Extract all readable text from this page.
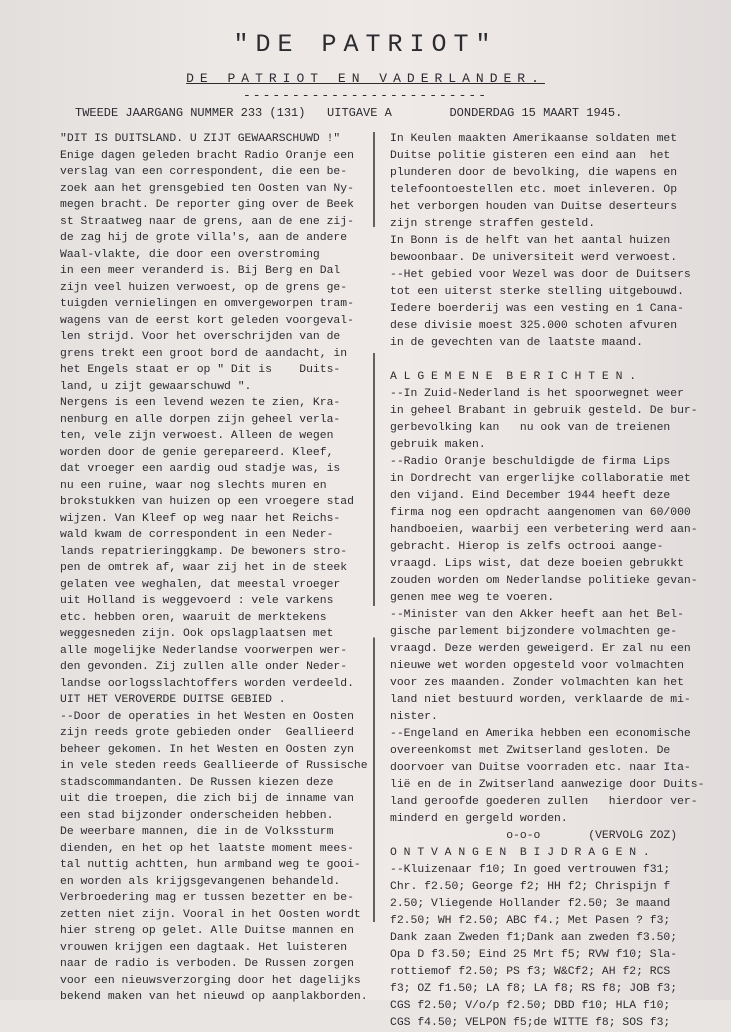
"DE PATRIOT"
DE PATRIOT EN VADERLANDER.
-------------------------
TWEEDE JAARGANG NUMMER 233 (131)   UITGAVE A        DONDERDAG 15 MAART 1945.
"DIT IS DUITSLAND. U ZIJT GEWAARSCHUWD !"
Enige dagen geleden bracht Radio Oranje een
verslag van een correspondent, die een be-
zoek aan het grensgebied ten Oosten van Ny-
megen bracht. De reporter ging over de Beek
st Straatweg naar de grens, aan de ene zij-
de zag hij de grote villa's, aan de andere
Waal-vlakte, die door een overstroming
in een meer veranderd is. Bij Berg en Dal
zijn veel huizen verwoest, op de grens ge-
tuigden vernielingen en omvergeworpen tram-
wagens van de eerst kort geleden voorgeval-
len strijd. Voor het overschrijden van de
grens trekt een groot bord de aandacht, in
het Engels staat er op " Dit is    Duits-
land, u zijt gewaarschuwd ".
Nergens is een levend wezen te zien, Kra-
nenburg en alle dorpen zijn geheel verla-
ten, vele zijn verwoest. Alleen de wegen
worden door de genie gerepareerd. Kleef,
dat vroeger een aardig oud stadje was, is
nu een ruine, waar nog slechts muren en
brokstukken van huizen op een vroegere stad
wijzen. Van Kleef op weg naar het Reichs-
wald kwam de correspondent in een Neder-
lands repatrieringgkamp. De bewoners stro-
pen de omtrek af, waar zij het in de steek
gelaten vee weghalen, dat meestal vroeger
uit Holland is weggevoerd : vele varkens
etc. hebben oren, waaruit de merktekens
weggesneden zijn. Ook opslagplaatsen met
alle mogelijke Nederlandse voorwerpen wer-
den gevonden. Zij zullen alle onder Neder-
landse oorlogsslachtoffers worden verdeeld.
UIT HET VEROVERDE DUITSE GEBIED .
--Door de operaties in het Westen en Oosten
zijn reeds grote gebieden onder  Geallieerd
beheer gekomen. In het Westen en Oosten zyn
in vele steden reeds Geallieerde of Russische
stadscommandanten. De Russen kiezen deze
uit die troepen, die zich bij de inname van
een stad bijzonder onderscheiden hebben.
De weerbare mannen, die in de Volkssturm
dienden, en het op het laatste moment mees-
tal nuttig achtten, hun armband weg te gooi-
en worden als krijgsgevangenen behandeld.
Verbroedering mag er tussen bezetter en be-
zetten niet zijn. Vooral in het Oosten wordt
hier streng op gelet. Alle Duitse mannen en
vrouwen krijgen een dagtaak. Het luisteren
naar de radio is verboden. De Russen zorgen
voor een nieuwsverzorging door het dagelijks
bekend maken van het nieuwd op aanplakborden.
In Keulen maakten Amerikaanse soldaten met
Duitse politie gisteren een eind aan  het
plunderen door de bevolking, die wapens en
telefoontoestellen etc. moet inleveren. Op
het verborgen houden van Duitse deserteurs
zijn strenge straffen gesteld.
In Bonn is de helft van het aantal huizen
bewoonbaar. De universiteit werd verwoest.
--Het gebied voor Wezel was door de Duitsers
tot een uiterst sterke stelling uitgebouwd.
Iedere boerderij was een vesting en 1 Cana-
dese divisie moest 325.000 schoten afvuren
in de gevechten van de laatste maand.

A L G E M E N E  B E R I C H T E N .
--In Zuid-Nederland is het spoorwegnet weer
in geheel Brabant in gebruik gesteld. De bur-
gerbevolking kan   nu ook van de treienen
gebruik maken.
--Radio Oranje beschuldigde de firma Lips
in Dordrecht van ergerlijke collaboratie met
den vijand. Eind December 1944 heeft deze
firma nog een opdracht aangenomen van 60/000
handboeien, waarbij een verbetering werd aan-
gebracht. Hierop is zelfs octrooi aange-
vraagd. Lips wist, dat deze boeien gebrukkt
zouden worden om Nederlandse politieke gevan-
genen mee weg te voeren.
--Minister van den Akker heeft aan het Bel-
gische parlement bijzondere volmachten ge-
vraagd. Deze werden geweigerd. Er zal nu een
nieuwe wet worden opgesteld voor volmachten
voor zes maanden. Zonder volmachten kan het
land niet bestuurd worden, verklaarde de mi-
nister.
--Engeland en Amerika hebben een economische
overeenkomst met Zwitserland gesloten. De
doorvoer van Duitse voorraden etc. naar Ita-
lië en de in Zwitserland aanwezige door Duits-
land geroofde goederen zullen   hierdoor ver-
minderd en gergeld worden.
o-o-o       (VERVOLG ZOZ)
O N T V A N G E N  B I J D R A G E N .
--Kluizenaar f10; In goed vertrouwen f31;
Chr. f2.50; George f2; HH f2; Chrispijn f
2.50; Vliegende Hollander f2.50; 3e maand
f2.50; WH f2.50; ABC f4.; Met Pasen ? f3;
Dank zaan Zweden f1;Dank aan zweden f3.50;
Opa D f3.50; Eind 25 Mrt f5; RVW f10; Sla-
rottiemof f2.50; PS f3; W&Cf2; AH f2; RCS
f3; OZ f1.50; LA f8; LA f8; RS f8; JOB f3;
CGS f2.50; V/o/p f2.50; DBD f10; HLA f10;
CGS f4.50; VELPON f5;de WITTE f8; SOS f3;
